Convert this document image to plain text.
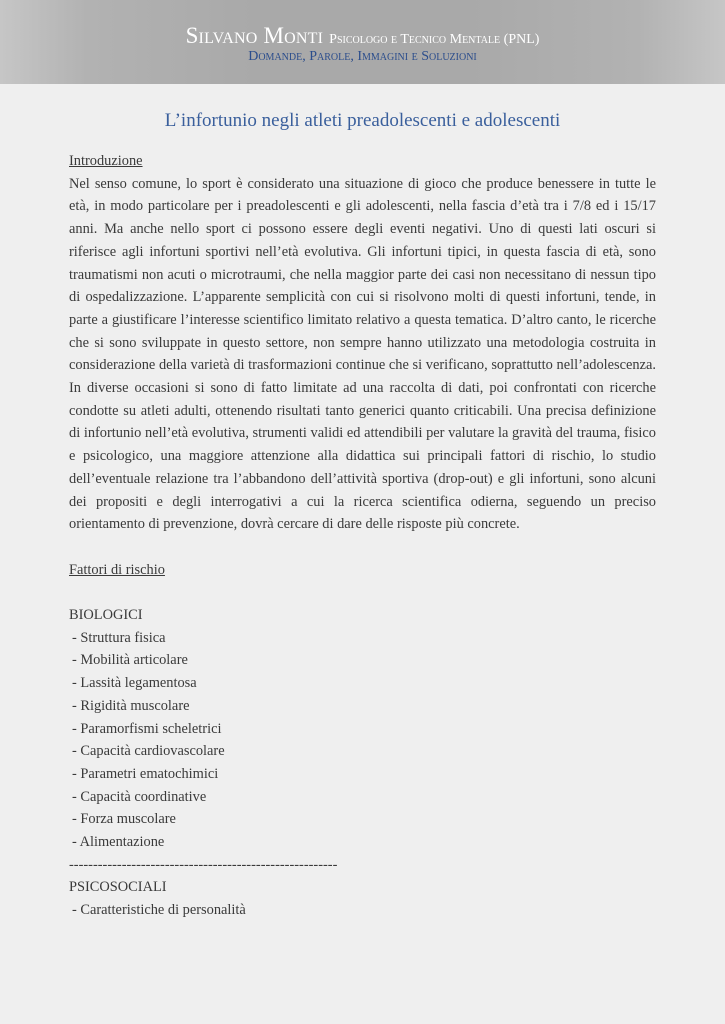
Silvano Monti Psicologo e Tecnico Mentale (PNL)
Domande, Parole, Immagini e Soluzioni
L’infortunio negli atleti preadolescenti e adolescenti

Introduzione

Nel senso comune, lo sport è considerato una situazione di gioco che produce benessere in tutte le età, in modo particolare per i preadolescenti e gli adolescenti, nella fascia d’età tra i 7/8 ed i 15/17 anni. Ma anche nello sport ci possono essere degli eventi negativi. Uno di questi lati oscuri si riferisce agli infortuni sportivi nell’età evolutiva. Gli infortuni tipici, in questa fascia di età, sono traumatismi non acuti o microtraumi, che nella maggior parte dei casi non necessitano di nessun tipo di ospedalizzazione. L’apparente semplicità con cui si risolvono molti di questi infortuni, tende, in parte a giustificare l’interesse scientifico limitato relativo a questa tematica. D’altro canto, le ricerche che si sono sviluppate in questo settore, non sempre hanno utilizzato una metodologia costruita in considerazione della varietà di trasformazioni continue che si verificano, soprattutto nell’adolescenza. In diverse occasioni si sono di fatto limitate ad una raccolta di dati, poi confrontati con ricerche condotte su atleti adulti, ottenendo risultati tanto generici quanto criticabili. Una precisa definizione di infortunio nell’età evolutiva, strumenti validi ed attendibili per valutare la gravità del trauma, fisico e psicologico, una maggiore attenzione alla didattica sui principali fattori di rischio, lo studio dell’eventuale relazione tra l’abbandono dell’attività sportiva (drop-out) e gli infortuni, sono alcuni dei propositi e degli interrogativi a cui la ricerca scientifica odierna, seguendo un preciso orientamento di prevenzione, dovrà cercare di dare delle risposte più concrete.

Fattori di rischio

BIOLOGICI

- Struttura fisica
- Mobilità articolare
- Lassità legamentosa
- Rigidità muscolare
- Paramorfismi scheletrici
- Capacità cardiovascolare
- Parametri ematochimici
- Capacità coordinative
- Forza muscolare
- Alimentazione

--------------------------------------------------------

PSICOSOCIALI

- Caratteristiche di personalità
